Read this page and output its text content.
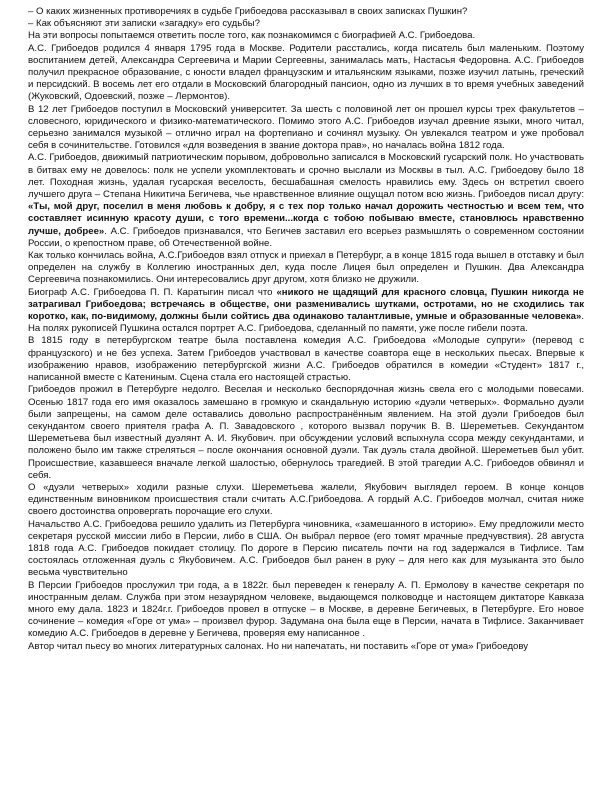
– О каких жизненных противоречиях в судьбе Грибоедова рассказывал в своих записках Пушкин?

– Как объясняют эти записки «загадку» его судьбы?

На эти вопросы попытаемся ответить после того, как познакомимся с биографией А.С. Грибоедова.

А.С. Грибоедов родился 4 января 1795 года в Москве. Родители расстались, когда писатель был маленьким. Поэтому воспитанием детей, Александра Сергеевича и Марии Сергеевны, занималась мать, Настасья Федоровна. А.С. Грибоедов получил прекрасное образование, с юности владел французским и итальянским языками, позже изучил латынь, греческий и персидский. В восемь лет его отдали в Московский благородный пансион, одно из лучших в то время учебных заведений (Жуковский, Одоевский, позже – Лермонтов).

В 12 лет Грибоедов поступил в Московский университет. За шесть с половиной лет он прошел курсы трех факультетов – словесного, юридического и физико-математического. Помимо этого А.С. Грибоедов изучал древние языки, много читал, серьезно занимался музыкой – отлично играл на фортепиано и сочинял музыку. Он увлекался театром и уже пробовал себя в сочинительстве. Готовился «для возведения в звание доктора прав», но началась война 1812 года.

А.С. Грибоедов, движимый патриотическим порывом, добровольно записался в Московский гусарский полк. Но участвовать в битвах ему не довелось: полк не успели укомплектовать и срочно выслали из Москвы в тыл. А.С. Грибоедову было 18 лет. Походная жизнь, удалая гусарская веселость, бесшабашная смелость нравились ему. Здесь он встретил своего лучшего друга – Степана Никитича Бегичева, чье нравственное влияние ощущал потом всю жизнь. Грибоедов писал другу: «Ты, мой друг, поселил в меня любовь к добру, я с тех пор только начал дорожить честностью и всем тем, что составляет исинную красоту души, с того времени...когда с тобою побываю вместе, становлюсь нравственно лучше, добрее». А.С. Грибоедов признавался, что Бегичев заставил его всерьез размышлять о современном состоянии России, о крепостном праве, об Отечественной войне.

Как только кончилась война, А.С.Грибоедов взял отпуск и приехал в Петербург, а в конце 1815 года вышел в отставку и был определен на службу в Коллегию иностранных дел, куда после Лицея был определен и Пушкин. Два Александра Сергеевича познакомились. Они интересовались друг другом, хотя близко не дружили.

Биограф А.С. Грибоедова П. П. Каратыгин писал что «никого не щадящий для красного словца, Пушкин никогда не затрагивал Грибоедова; встречаясь в обществе, они разменивались шутками, остротами, но не сходились так коротко, как, по-видимому, должны были сойтись два одинаково талантливые, умные и образованные человека». На полях рукописей Пушкина остался портрет А.С. Грибоедова, сделанный по памяти, уже после гибели поэта.

В 1815 году в петербургском театре была поставлена комедия А.С. Грибоедова «Молодые супруги» (перевод с французского) и не без успеха. Затем Грибоедов участвовал в качестве соавтора еще в нескольких пьесах. Впервые к изображению нравов, изображению петербургской жизни А.С. Грибоедов обратился в комедии «Студент» 1817 г., написанной вместе с Катениным. Сцена стала его настоящей страстью.

Грибоедов прожил в Петербурге недолго. Веселая и несколько беспорядочная жизнь свела его с молодыми повесами. Осенью 1817 года его имя оказалось замешано в громкую и скандальную историю «дуэли четверых». Формально дуэли были запрещены, на самом деле оставались довольно распространённым явлением. На этой дуэли Грибоедов был секундантом своего приятеля графа А. П. Завадовского , которого вызвал поручик В. В. Шереметьев. Секундантом Шереметьева был известный дуэлянт А. И. Якубович. при обсуждении условий вспыхнула ссора между секундантами, и положено было им также стреляться – после окончания основной дуэли. Так дуэль стала двойной. Шереметьев был убит. Происшествие, казавшееся вначале легкой шалостью, обернулось трагедией. В этой трагедии А.С. Грибоедов обвинял и себя.

О «дуэли четверых» ходили разные слухи. Шереметьева жалели, Якубович выглядел героем. В конце концов единственным виновником происшествия стали считать А.С.Грибоедова. А гордый А.С. Грибоедов молчал, считая ниже своего достоинства опровергать порочащие его слухи.

Начальство А.С. Грибоедова решило удалить из Петербурга чиновника, «замешанного в историю». Ему предложили место секретаря русской миссии либо в Персии, либо в США. Он выбрал первое (его томят мрачные предчувствия). 28 августа 1818 года А.С. Грибоедов покидает столицу. По дороге в Персию писатель почти на год задержался в Тифлисе. Там состоялась отложенная дуэль с Якубовичем. А.С. Грибоедов был ранен в руку – для него как для музыканта это было весьма чувствительно

В Персии Грибоедов прослужил три года, а в 1822г. был переведен к генералу А. П. Ермолову в качестве секретаря по иностранным делам. Служба при этом незаурядном человеке, выдающемся полководце и настоящем диктаторе Кавказа много ему дала. 1823 и 1824г.г. Грибоедов провел в отпуске – в Москве, в деревне Бегичевых, в Петербурге. Его новое сочинение – комедия «Горе от ума» – произвел фурор. Задумана она была еще в Персии, начата в Тифлисе. Заканчивает комедию А.С. Грибоедов в деревне у Бегичева, проверяя ему написанное .

Автор читал пьесу во многих литературных салонах. Но ни напечатать, ни поставить «Горе от ума» Грибоедову
